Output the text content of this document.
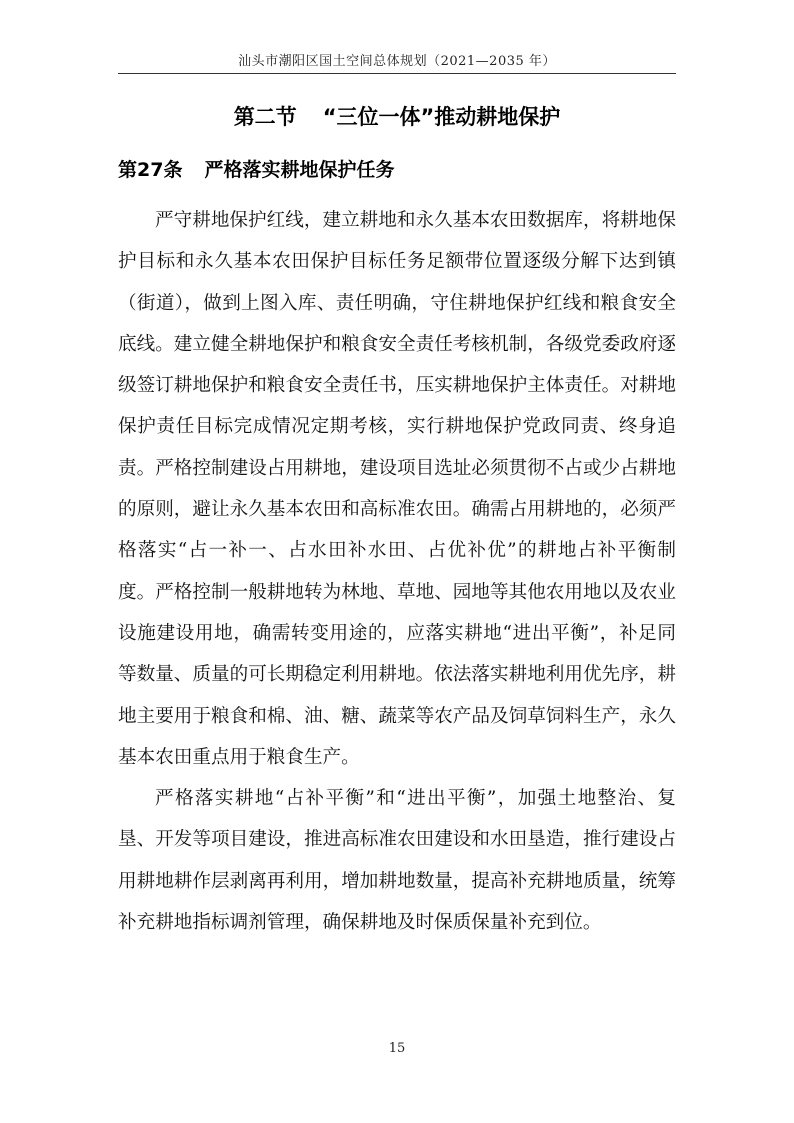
汕头市潮阳区国土空间总体规划（2021—2035 年）
第二节 “三位一体”推动耕地保护
第27条 严格落实耕地保护任务

严守耕地保护红线，建立耕地和永久基本农田数据库，将耕地保护目标和永久基本农田保护目标任务足额带位置逐级分解下达到镇（街道），做到上图入库、责任明确，守住耕地保护红线和粮食安全底线。建立健全耕地保护和粮食安全责任考核机制，各级党委政府逐级签订耕地保护和粮食安全责任书，压实耕地保护主体责任。对耕地保护责任目标完成情况定期考核，实行耕地保护党政同责、终身追责。严格控制建设占用耕地，建设项目选址必须贯彻不占或少占耕地的原则，避让永久基本农田和高标准农田。确需占用耕地的，必须严格落实“占一补一、占水田补水田、占优补优”的耕地占补平衡制度。严格控制一般耕地转为林地、草地、园地等其他农用地以及农业设施建设用地，确需转变用途的，应落实耕地“进出平衡”，补足同等数量、质量的可长期稳定利用耕地。依法落实耕地利用优先序，耕地主要用于粮食和棉、油、糖、蔬菜等农产品及饲草饲料生产，永久基本农田重点用于粮食生产。

严格落实耕地“占补平衡”和“进出平衡”，加强土地整治、复垦、开发等项目建设，推进高标准农田建设和水田垦造，推行建设占用耕地耕作层剥离再利用，增加耕地数量，提高补充耕地质量，统筹补充耕地指标调剂管理，确保耕地及时保质保量补充到位。

15
